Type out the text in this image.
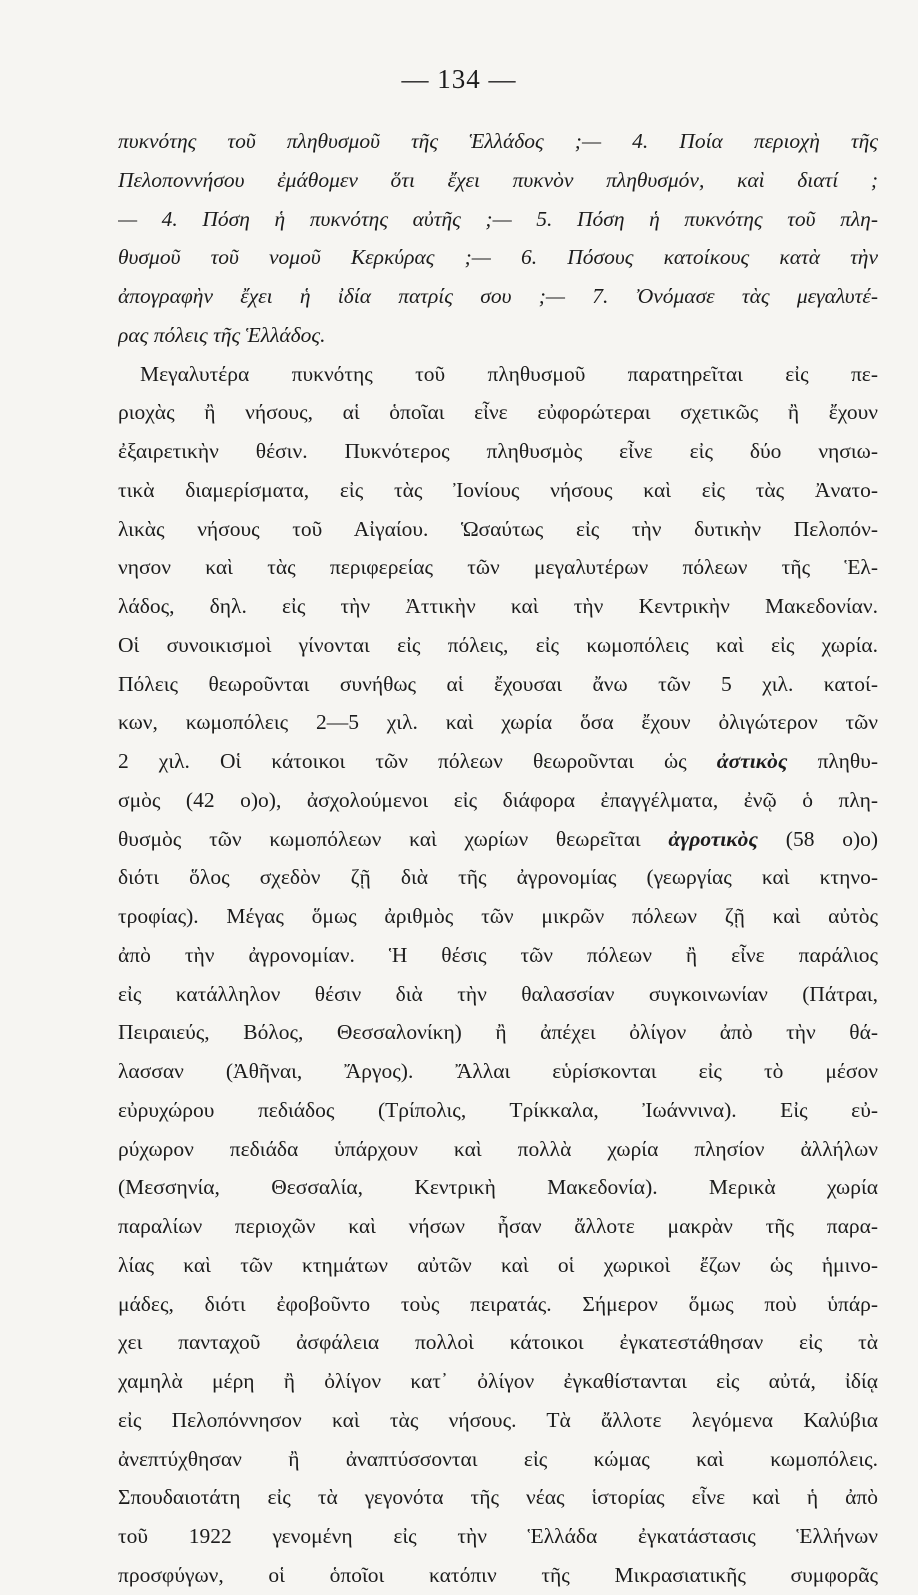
— 134 —
πυκνότης τοῦ πληθυσμοῦ τῆς Ἑλλάδος ;— 4. Ποία περιοχὴ τῆς
Πελοποννήσου ἐμάθομεν ὅτι ἔχει πυκνὸν πληθυσμόν, καὶ διατί ;
— 4. Πόση ἡ πυκνότης αὐτῆς ;— 5. Πόση ἡ πυκνότης τοῦ πλη-
θυσμοῦ τοῦ νομοῦ Κερκύρας ;— 6. Πόσους κατοίκους κατὰ τὴν
ἀπογραφὴν ἔχει ἡ ἰδία πατρίς σου ;— 7. Ὀνόμασε τὰς μεγαλυτέ-
ρας πόλεις τῆς Ἑλλάδος.
Μεγαλυτέρα πυκνότης τοῦ πληθυσμοῦ παρατηρεῖται εἰς πε-
ριοχὰς ἢ νήσους, αἱ ὁποῖαι εἶνε εὐφορώτεραι σχετικῶς ἢ ἔχουν
ἐξαιρετικὴν θέσιν. Πυκνότερος πληθυσμὸς εἶνε εἰς δύο νησιω-
τικὰ διαμερίσματα, εἰς τὰς Ἰονίους νήσους καὶ εἰς τὰς Ἀνατο-
λικὰς νήσους τοῦ Αἰγαίου. Ὡσαύτως εἰς τὴν δυτικὴν Πελοπόν-
νησον καὶ τὰς περιφερείας τῶν μεγαλυτέρων πόλεων τῆς Ἑλ-
λάδος, δηλ. εἰς τὴν Ἀττικὴν καὶ τὴν Κεντρικὴν Μακεδονίαν.
Οἱ συνοικισμοὶ γίνονται εἰς πόλεις, εἰς κωμοπόλεις καὶ εἰς χωρία.
Πόλεις θεωροῦνται συνήθως αἱ ἔχουσαι ἄνω τῶν 5 χιλ. κατοί-
κων, κωμοπόλεις 2—5 χιλ. καὶ χωρία ὅσα ἔχουν ὀλιγώτερον τῶν
2 χιλ. Οἱ κάτοικοι τῶν πόλεων θεωροῦνται ὡς ἀστικὸς πληθυ-
σμὸς (42 ο)ο), ἀσχολούμενοι εἰς διάφορα ἐπαγγέλματα, ἐνῷ ὁ πλη-
θυσμὸς τῶν κωμοπόλεων καὶ χωρίων θεωρεῖται ἀγροτικὸς (58 ο)ο)
διότι ὅλος σχεδὸν ζῇ διὰ τῆς ἀγρονομίας (γεωργίας καὶ κτηνο-
τροφίας). Μέγας ὅμως ἀριθμὸς τῶν μικρῶν πόλεων ζῇ καὶ αὐτὸς
ἀπὸ τὴν ἀγρονομίαν. Ἡ θέσις τῶν πόλεων ἢ εἶνε παράλιος
εἰς κατάλληλον θέσιν διὰ τὴν θαλασσίαν συγκοινωνίαν (Πάτραι,
Πειραιεύς, Βόλος, Θεσσαλονίκη) ἢ ἀπέχει ὀλίγον ἀπὸ τὴν θά-
λασσαν (Ἀθῆναι, Ἄργος). Ἄλλαι εὑρίσκονται εἰς τὸ μέσον
εὐρυχώρου πεδιάδος (Τρίπολις, Τρίκκαλα, Ἰωάννινα). Εἰς εὐ-
ρύχωρον πεδιάδα ὑπάρχουν καὶ πολλὰ χωρία πλησίον ἀλλήλων
(Μεσσηνία, Θεσσαλία, Κεντρικὴ Μακεδονία). Μερικὰ χωρία
παραλίων περιοχῶν καὶ νήσων ἦσαν ἄλλοτε μακρὰν τῆς παρα-
λίας καὶ τῶν κτημάτων αὐτῶν καὶ οἱ χωρικοὶ ἔζων ὡς ἡμινο-
μάδες, διότι ἐφοβοῦντο τοὺς πειρατάς. Σήμερον ὅμως ποὺ ὑπάρ-
χει πανταχοῦ ἀσφάλεια πολλοὶ κάτοικοι ἐγκατεστάθησαν εἰς τὰ
χαμηλὰ μέρη ἢ ὀλίγον κατ᾽ ὀλίγον ἐγκαθίστανται εἰς αὐτά, ἰδίᾳ
εἰς Πελοπόννησον καὶ τὰς νήσους. Τὰ ἄλλοτε λεγόμενα Καλύβια
ἀνεπτύχθησαν ἢ ἀναπτύσσονται εἰς κώμας καὶ κωμοπόλεις.
Σπουδαιοτάτη εἰς τὰ γεγονότα τῆς νέας ἱστορίας εἶνε καὶ ἡ ἀπὸ
τοῦ 1922 γενομένη εἰς τὴν Ἑλλάδα ἐγκατάστασις Ἑλλήνων
προσφύγων, οἱ ὁποῖοι κατόπιν τῆς Μικρασιατικῆς συμφορᾶς
